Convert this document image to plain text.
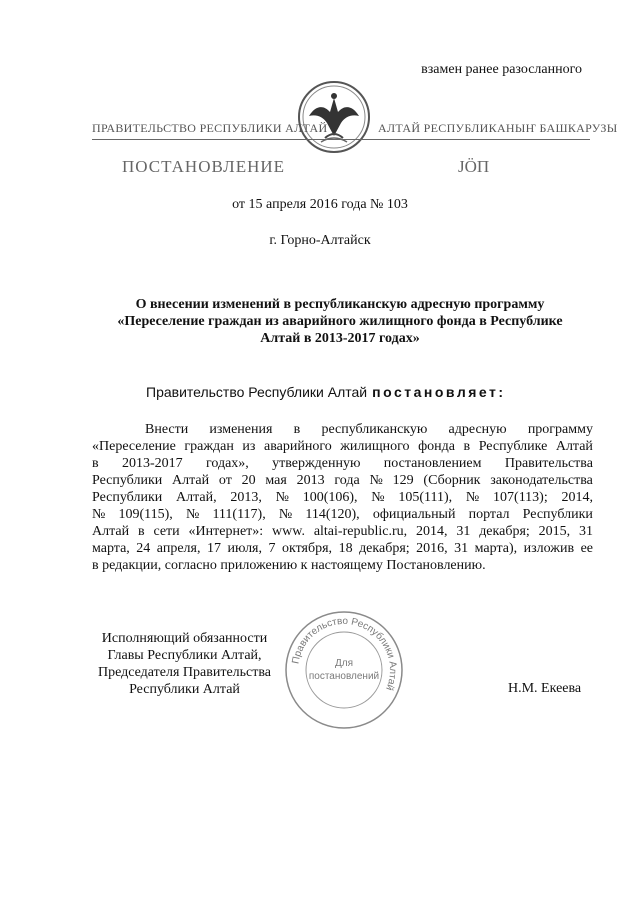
взамен ранее разосланного
ПРАВИТЕЛЬСТВО РЕСПУБЛИКИ АЛТАЙ	АЛТАЙ РЕСПУБЛИКАНЫҤ БАШКАРУЗЫ
ПОСТАНОВЛЕНИЕ	JÖП
от 15 апреля 2016 года № 103
г. Горно-Алтайск
О внесении изменений в республиканскую адресную программу
«Переселение граждан из аварийного жилищного фонда в Республике
Алтай в 2013-2017 годах»
Правительство Республики Алтай постановляет:
Внести изменения в республиканскую адресную программу
«Переселение граждан из аварийного жилищного фонда в Республике Алтай
в 2013-2017 годах», утвержденную постановлением Правительства
Республики Алтай от 20 мая 2013 года № 129 (Сборник законодательства
Республики Алтай, 2013, № 100(106), № 105(111), № 107(113); 2014,
№ 109(115), № 111(117), № 114(120), официальный портал Республики
Алтай в сети «Интернет»: www. altai-republic.ru, 2014, 31 декабря; 2015, 31
марта, 24 апреля, 17 июля, 7 октября, 18 декабря; 2016, 31 марта), изложив ее
в редакции, согласно приложению к настоящему Постановлению.
Исполняющий обязанности
Главы Республики Алтай,
Председателя Правительства
Республики Алтай	Н.М. Екеева
Правительство Республики Алтай
Для
постановлений
